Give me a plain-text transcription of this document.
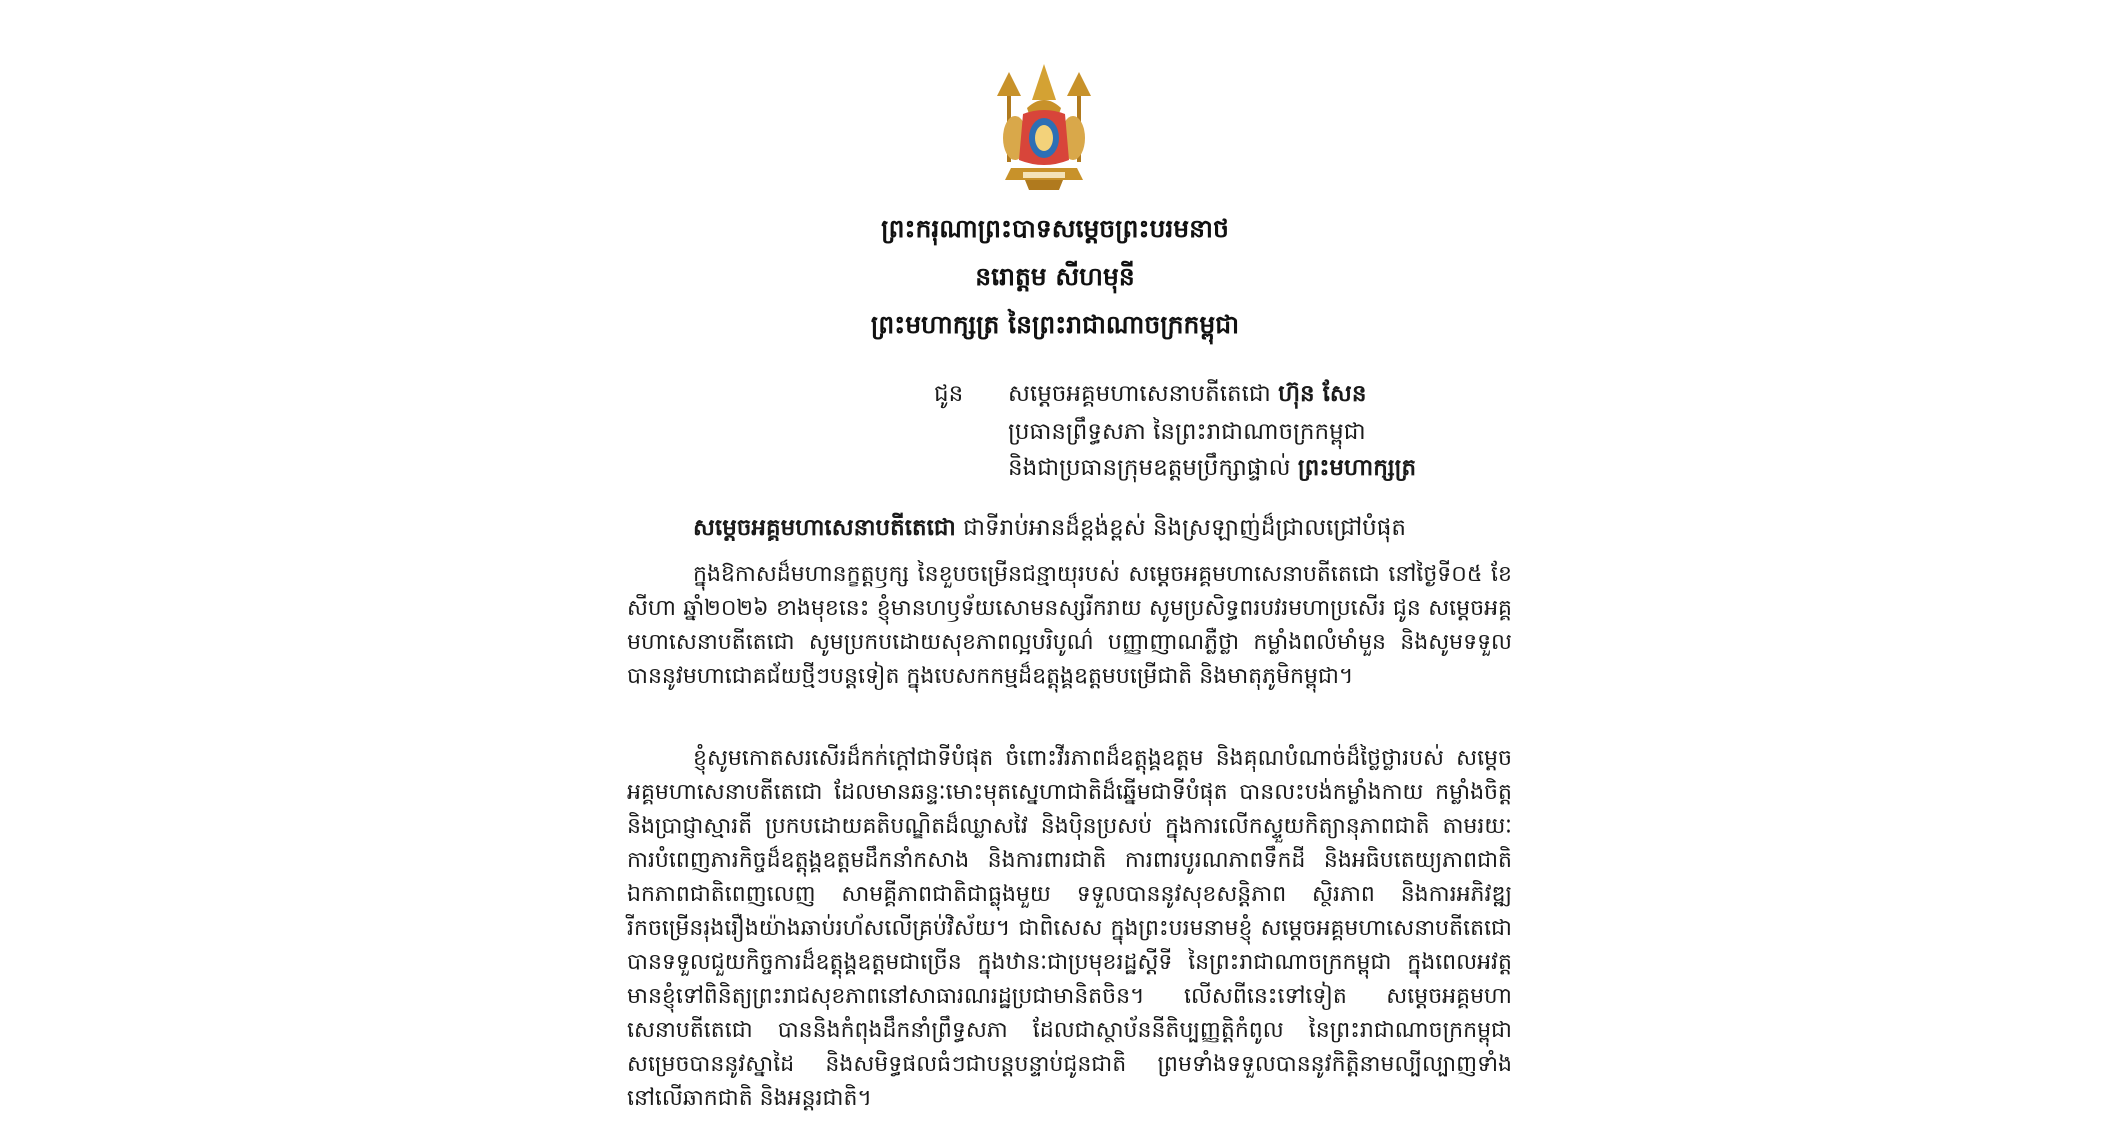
ព្រះករុណាព្រះបាទសម្តេចព្រះបរមនាថ
នរោត្តម សីហមុនី
ព្រះមហាក្សត្រ នៃព្រះរាជាណាចក្រកម្ពុជា
ជូន សម្តេចអគ្គមហាសេនាបតីតេជោ ហ៊ុន សែន
ប្រធានព្រឹទ្ធសភា នៃព្រះរាជាណាចក្រកម្ពុជា
និងជាប្រធានក្រុមឧត្តមប្រឹក្សាផ្ទាល់ ព្រះមហាក្សត្រ
សម្តេចអគ្គមហាសេនាបតីតេជោ ជាទីរាប់អានដ៏ខ្ពង់ខ្ពស់ និងស្រឡាញ់ដ៏ជ្រាលជ្រៅបំផុត
ក្នុងឱកាសដ៏មហានក្ខត្តឫក្ស នៃខួបចម្រើនជន្មាយុរបស់ សម្តេចអគ្គមហាសេនាបតីតេជោ នៅថ្ងៃទី០៥ ខែសីហា ឆ្នាំ២០២៦ ខាងមុខនេះ ខ្ញុំមានហឫទ័យសោមនស្សរីករាយ សូមប្រសិទ្ធពរបវរមហាប្រសើរ ជូន សម្តេចអគ្គមហាសេនាបតីតេជោ សូមប្រកបដោយសុខភាពល្អបរិបូណ៌ បញ្ញាញាណភ្លឺថ្លា កម្លាំងពលំមាំមួន និងសូមទទួលបាននូវមហាជោគជ័យថ្មីៗបន្តទៀត ក្នុងបេសកកម្មដ៏ឧត្តុង្គឧត្តមបម្រើជាតិ និងមាតុភូមិកម្ពុជា។
ខ្ញុំសូមកោតសរសើរដ៏កក់ក្តៅជាទីបំផុត ចំពោះវីរភាពដ៏ឧត្តុង្គឧត្តម និងគុណបំណាច់ដ៏ថ្លៃថ្លារបស់ សម្តេចអគ្គមហាសេនាបតីតេជោ ដែលមានឆន្ទៈមោះមុតស្នេហាជាតិដ៏ឆ្នើមជាទីបំផុត បានលះបង់កម្លាំងកាយ កម្លាំងចិត្ត និងប្រាជ្ញាស្មារតី ប្រកបដោយគតិបណ្ឌិតដ៏ឈ្លាសវៃ និងប៉ិនប្រសប់ ក្នុងការលើកស្ទួយកិត្យានុភាពជាតិ តាមរយៈការបំពេញភារកិច្ចដ៏ឧត្តុង្គឧត្តមដឹកនាំកសាង និងការពារជាតិ ការពារបូរណភាពទឹកដី និងអធិបតេយ្យភាពជាតិ ឯកភាពជាតិពេញលេញ សាមគ្គីភាពជាតិជាធ្លុងមួយ ទទួលបាននូវសុខសន្តិភាព ស្ថិរភាព និងការអភិវឌ្ឍរីកចម្រើនរុងរឿងយ៉ាងឆាប់រហ័សលើគ្រប់វិស័យ។ ជាពិសេស ក្នុងព្រះបរមនាមខ្ញុំ សម្តេចអគ្គមហាសេនាបតីតេជោ បានទទួលជួយកិច្ចការដ៏ឧត្តុង្គឧត្តមជាច្រើន ក្នុងឋានៈជាប្រមុខរដ្ឋស្តីទី នៃព្រះរាជាណាចក្រកម្ពុជា ក្នុងពេលអវត្តមានខ្ញុំទៅពិនិត្យព្រះរាជសុខភាពនៅសាធារណរដ្ឋប្រជាមានិតចិន។ លើសពីនេះទៅទៀត សម្តេចអគ្គមហាសេនាបតីតេជោ បាននិងកំពុងដឹកនាំព្រឹទ្ធសភា ដែលជាស្ថាប័ននីតិប្បញ្ញត្តិកំពូល នៃព្រះរាជាណាចក្រកម្ពុជា សម្រេចបាននូវស្នាដៃ និងសមិទ្ធផលធំៗជាបន្តបន្ទាប់ជូនជាតិ ព្រមទាំងទទួលបាននូវកិត្តិនាមល្បីល្បាញទាំងនៅលើឆាកជាតិ និងអន្តរជាតិ។
